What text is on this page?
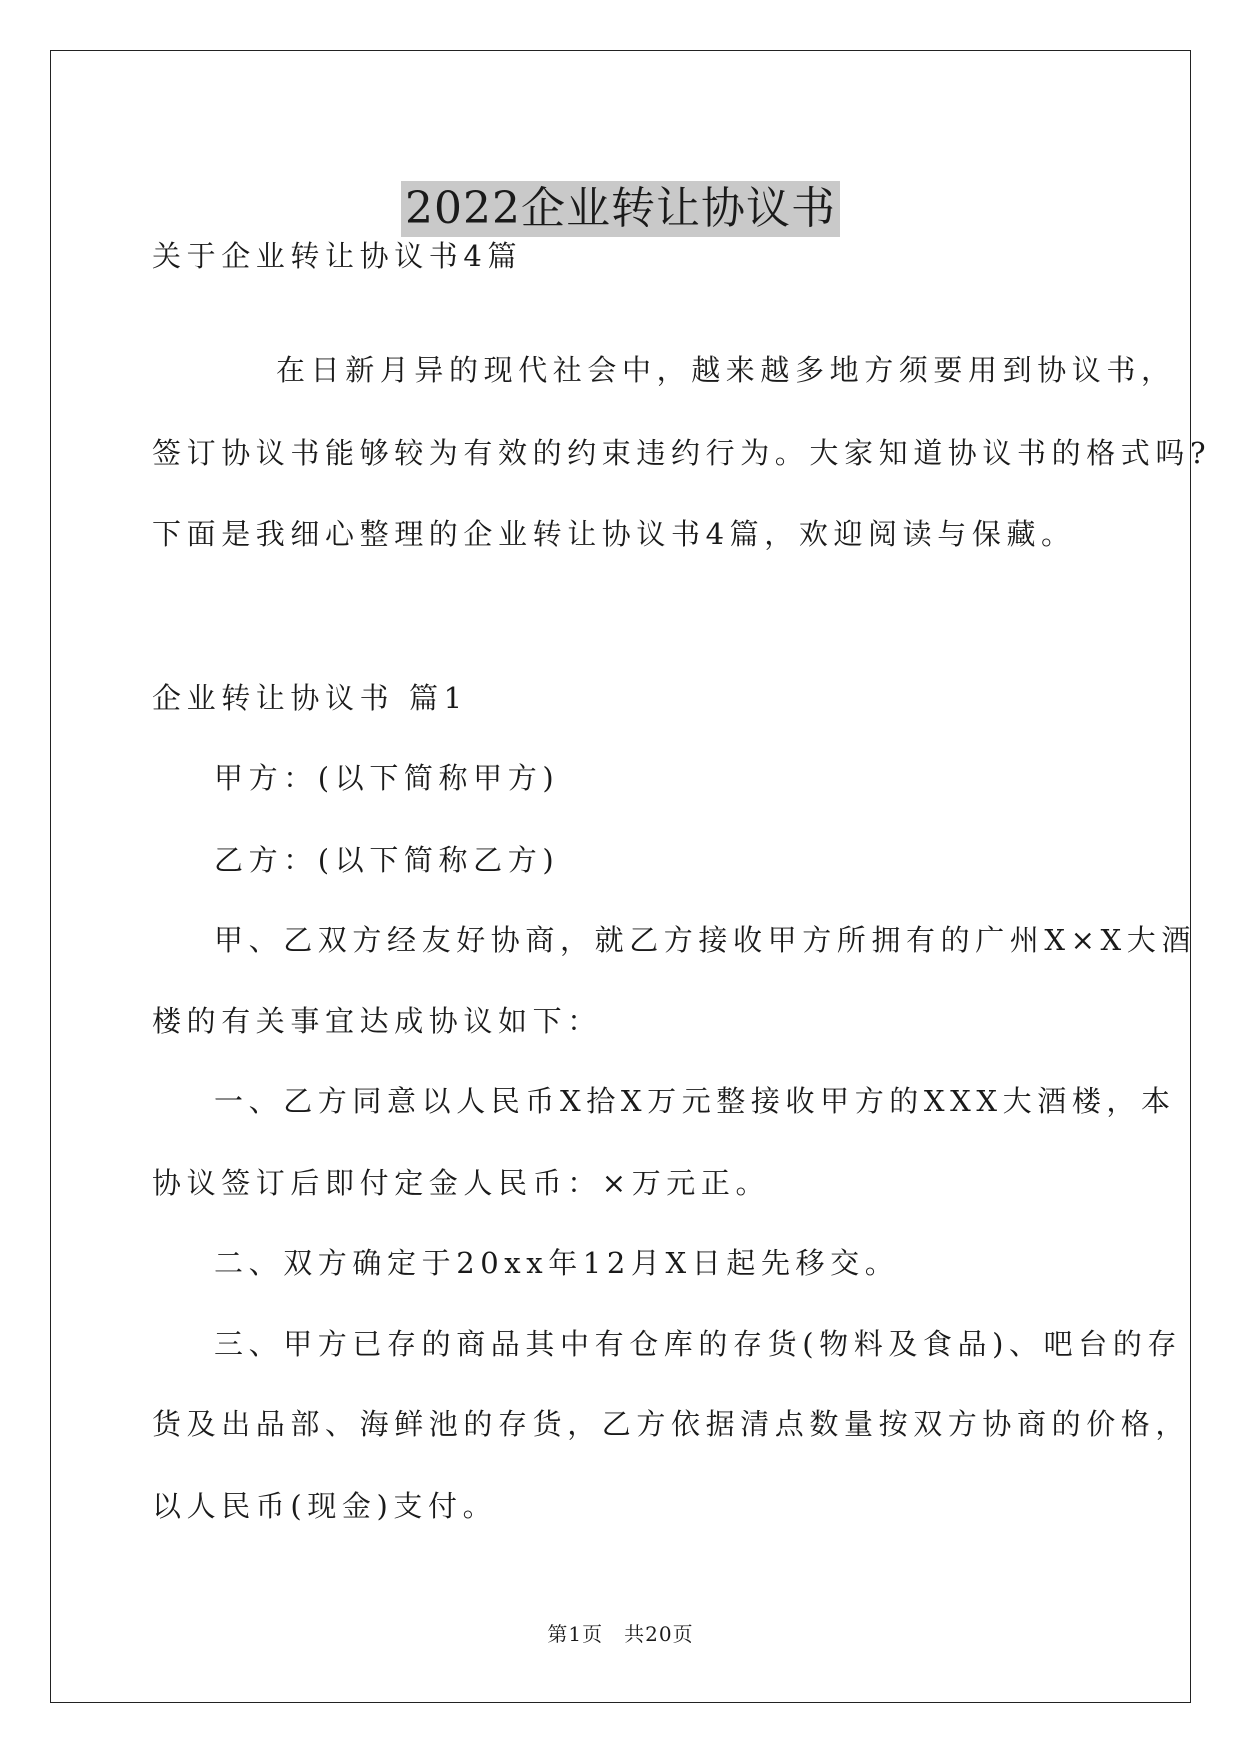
2022企业转让协议书
关于企业转让协议书4篇
在日新月异的现代社会中，越来越多地方须要用到协议书，
签订协议书能够较为有效的约束违约行为。大家知道协议书的格式吗?
下面是我细心整理的企业转让协议书4篇，欢迎阅读与保藏。
企业转让协议书 篇1
甲方：(以下简称甲方)
乙方：(以下简称乙方)
甲、乙双方经友好协商，就乙方接收甲方所拥有的广州X×X大酒
楼的有关事宜达成协议如下：
一、乙方同意以人民币X拾X万元整接收甲方的XXX大酒楼，本
协议签订后即付定金人民币：×万元正。
二、双方确定于20xx年12月X日起先移交。
三、甲方已存的商品其中有仓库的存货(物料及食品)、吧台的存
货及出品部、海鲜池的存货，乙方依据清点数量按双方协商的价格，
以人民币(现金)支付。
第1页　共20页
